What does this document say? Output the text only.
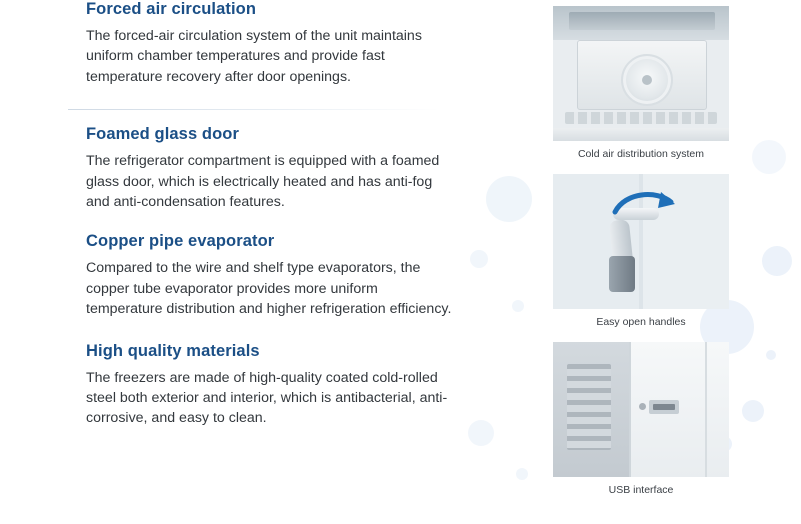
Forced air circulation

The forced-air circulation system of the unit maintains uniform chamber temperatures and provide fast temperature recovery after door openings.

Foamed glass door

The refrigerator compartment is equipped with a foamed glass door, which is electrically heated and has anti-fog and anti-condensation features.

Copper pipe evaporator

Compared to the wire and shelf type evaporators, the copper tube evaporator provides more uniform temperature distribution and higher refrigeration efficiency.

High quality materials

The freezers are made of high-quality coated cold-rolled steel both exterior and interior, which is antibacterial, anti-corrosive, and easy to clean.

Cold air distribution system
Easy open handles
USB interface
